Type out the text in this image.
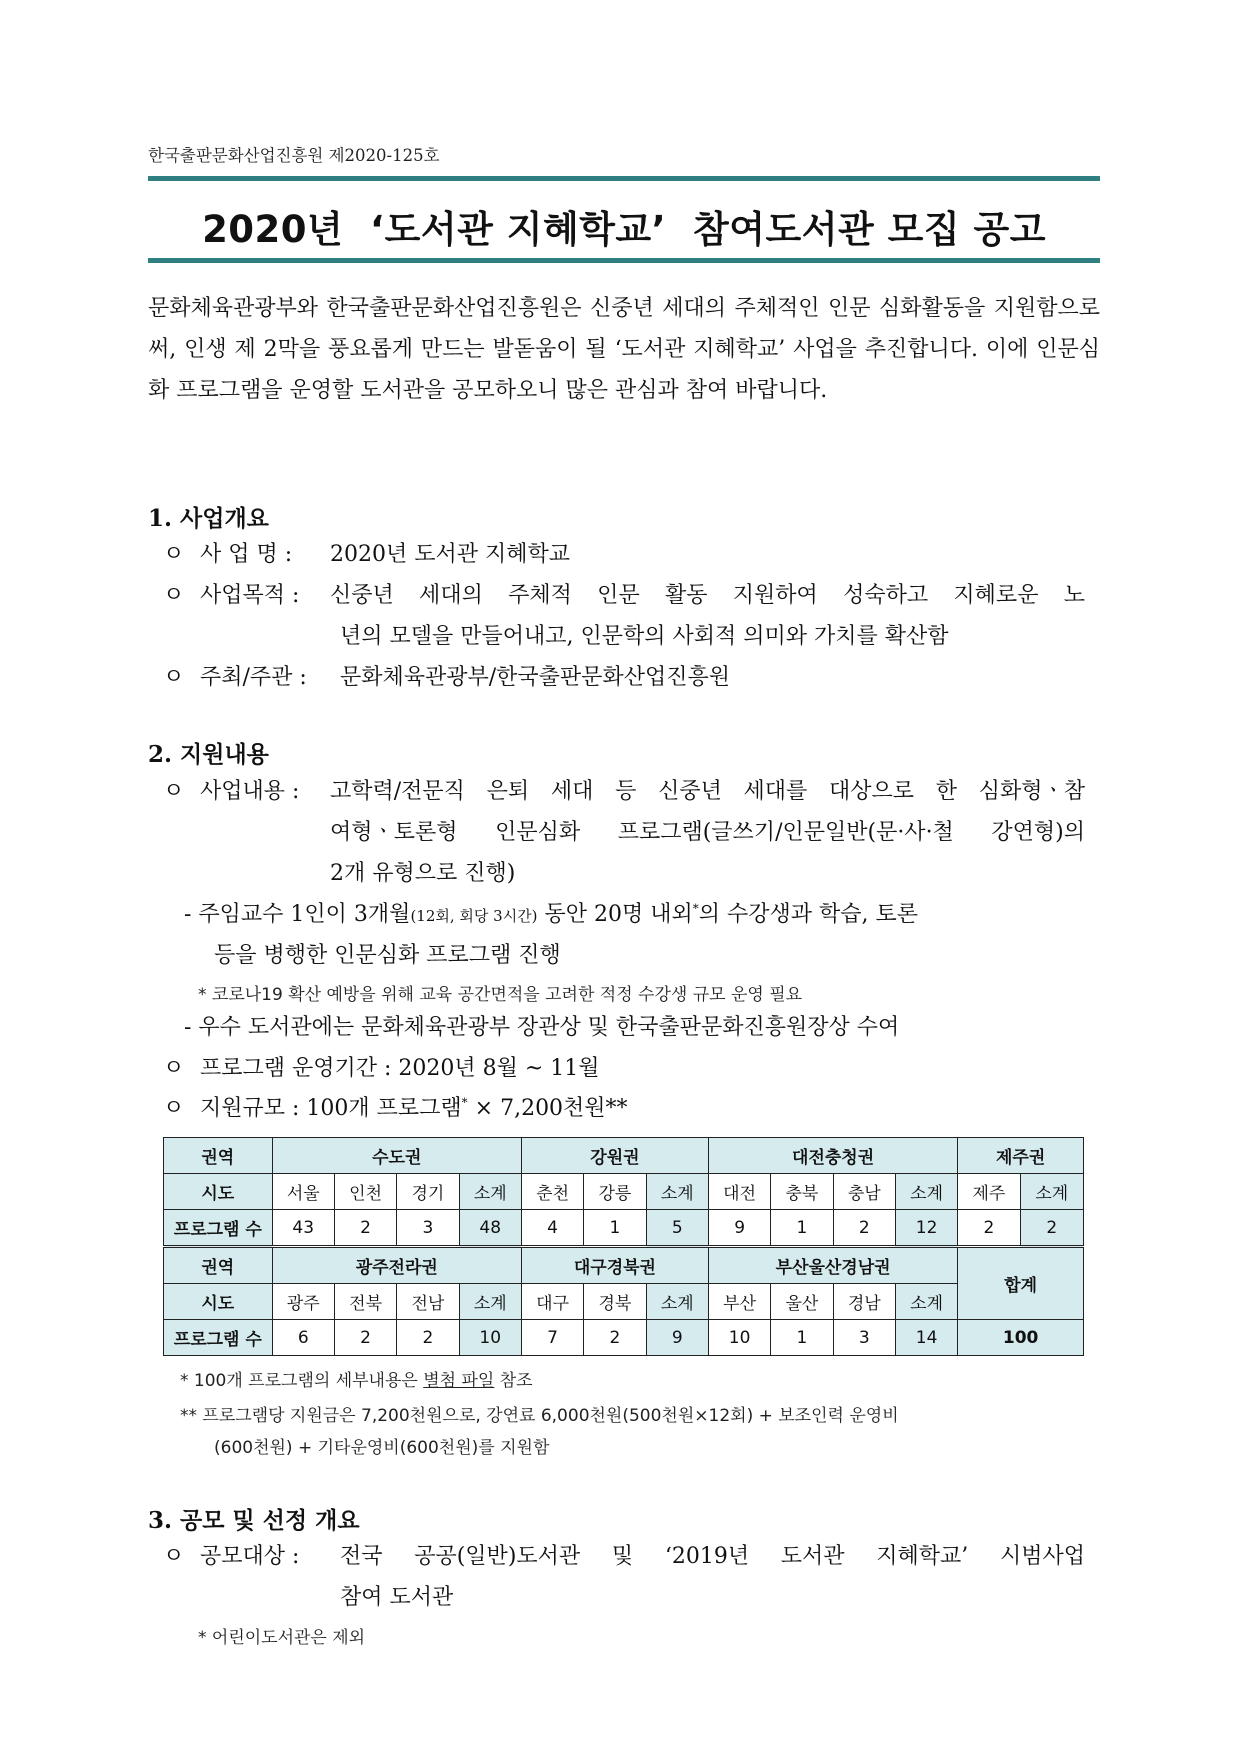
한국출판문화산업진흥원 제2020-125호
2020년  ‘도서관 지혜학교’  참여도서관 모집 공고
문화체육관광부와 한국출판문화산업진흥원은 신중년 세대의 주체적인 인문 심화활동을 지원함으로써, 인생 제 2막을 풍요롭게 만드는 발돋움이 될 ‘도서관 지혜학교’ 사업을 추진합니다. 이에 인문심화 프로그램을 운영할 도서관을 공모하오니 많은 관심과 참여 바랍니다.
1. 사업개요
ㅇ 사 업 명 : 2020년 도서관 지혜학교
ㅇ 사업목적 : 신중년 세대의 주체적 인문 활동 지원하여 성숙하고 지혜로운 노
년의 모델을 만들어내고, 인문학의 사회적 의미와 가치를 확산함
ㅇ 주최/주관 : 문화체육관광부/한국출판문화산업진흥원
2. 지원내용
ㅇ 사업내용 : 고학력/전문직 은퇴 세대 등 신중년 세대를 대상으로 한 심화형ㆍ참
여형ㆍ토론형 인문심화 프로그램(글쓰기/인문일반(문·사·철 강연형)의
2개 유형으로 진행)
- 주임교수 1인이 3개월(12회, 회당 3시간) 동안 20명 내외*의 수강생과 학습, 토론
등을 병행한 인문심화 프로그램 진행
* 코로나19 확산 예방을 위해 교육 공간면적을 고려한 적정 수강생 규모 운영 필요
- 우수 도서관에는 문화체육관광부 장관상 및 한국출판문화진흥원장상 수여
ㅇ 프로그램 운영기간 : 2020년 8월 ~ 11월
ㅇ 지원규모 : 100개 프로그램* × 7,200천원**
권역	수도권				강원권			대전충청권				제주권	
시도	서울	인천	경기	소계	춘천	강릉	소계	대전	충북	충남	소계	제주	소계
프로그램 수	43	2	3	48	4	1	5	9	1	2	12	2	2
권역	광주전라권				대구경북권			부산울산경남권				합계	
시도	광주	전북	전남	소계	대구	경북	소계	부산	울산	경남	소계		
프로그램 수	6	2	2	10	7	2	9	10	1	3	14	100	
* 100개 프로그램의 세부내용은 별첨 파일 참조
** 프로그램당 지원금은 7,200천원으로, 강연료 6,000천원(500천원×12회) + 보조인력 운영비
(600천원) + 기타운영비(600천원)를 지원함
3. 공모 및 선정 개요
ㅇ 공모대상 : 전국 공공(일반)도서관 및 ‘2019년 도서관 지혜학교’ 시범사업
참여 도서관
* 어린이도서관은 제외
